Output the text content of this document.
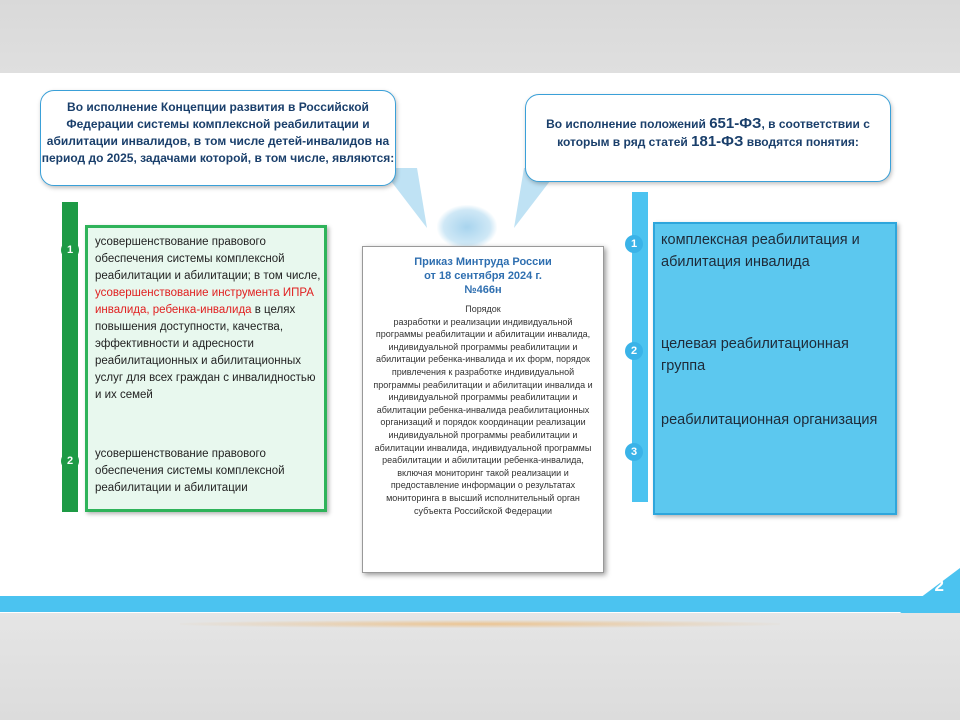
Во исполнение Концепции развития в Российской Федерации системы комплексной реабилитации и абилитации инвалидов, в том числе детей-инвалидов на период до 2025, задачами которой, в том числе, являются:
Во исполнение положений 651-ФЗ, в соответствии с которым в ряд статей 181-ФЗ вводятся понятия:
1
2
усовершенствование правового обеспечения системы комплексной реабилитации и абилитации; в том числе, усовершенствование инструмента ИПРА инвалида, ребенка-инвалида в целях повышения доступности, качества, эффективности и адресности реабилитационных и абилитационных услуг для всех граждан с инвалидностью и их семей
усовершенствование правового обеспечения системы комплексной реабилитации и абилитации
Приказ Минтруда России
от 18 сентября 2024 г.
№466н
Порядок
разработки и реализации индивидуальной программы реабилитации и абилитации инвалида, индивидуальной программы реабилитации и абилитации ребенка-инвалида и их форм, порядок привлечения к разработке индивидуальной программы реабилитации и абилитации инвалида и индивидуальной программы реабилитации и абилитации ребенка-инвалида реабилитационных организаций и порядок координации реализации индивидуальной программы реабилитации и абилитации инвалида, индивидуальной программы реабилитации и абилитации ребенка-инвалида, включая мониторинг такой реализации и предоставление информации о результатах мониторинга в высший исполнительный орган субъекта Российской Федерации
1
2
3
комплексная реабилитация и абилитация инвалида
целевая реабилитационная группа
реабилитационная организация
2
